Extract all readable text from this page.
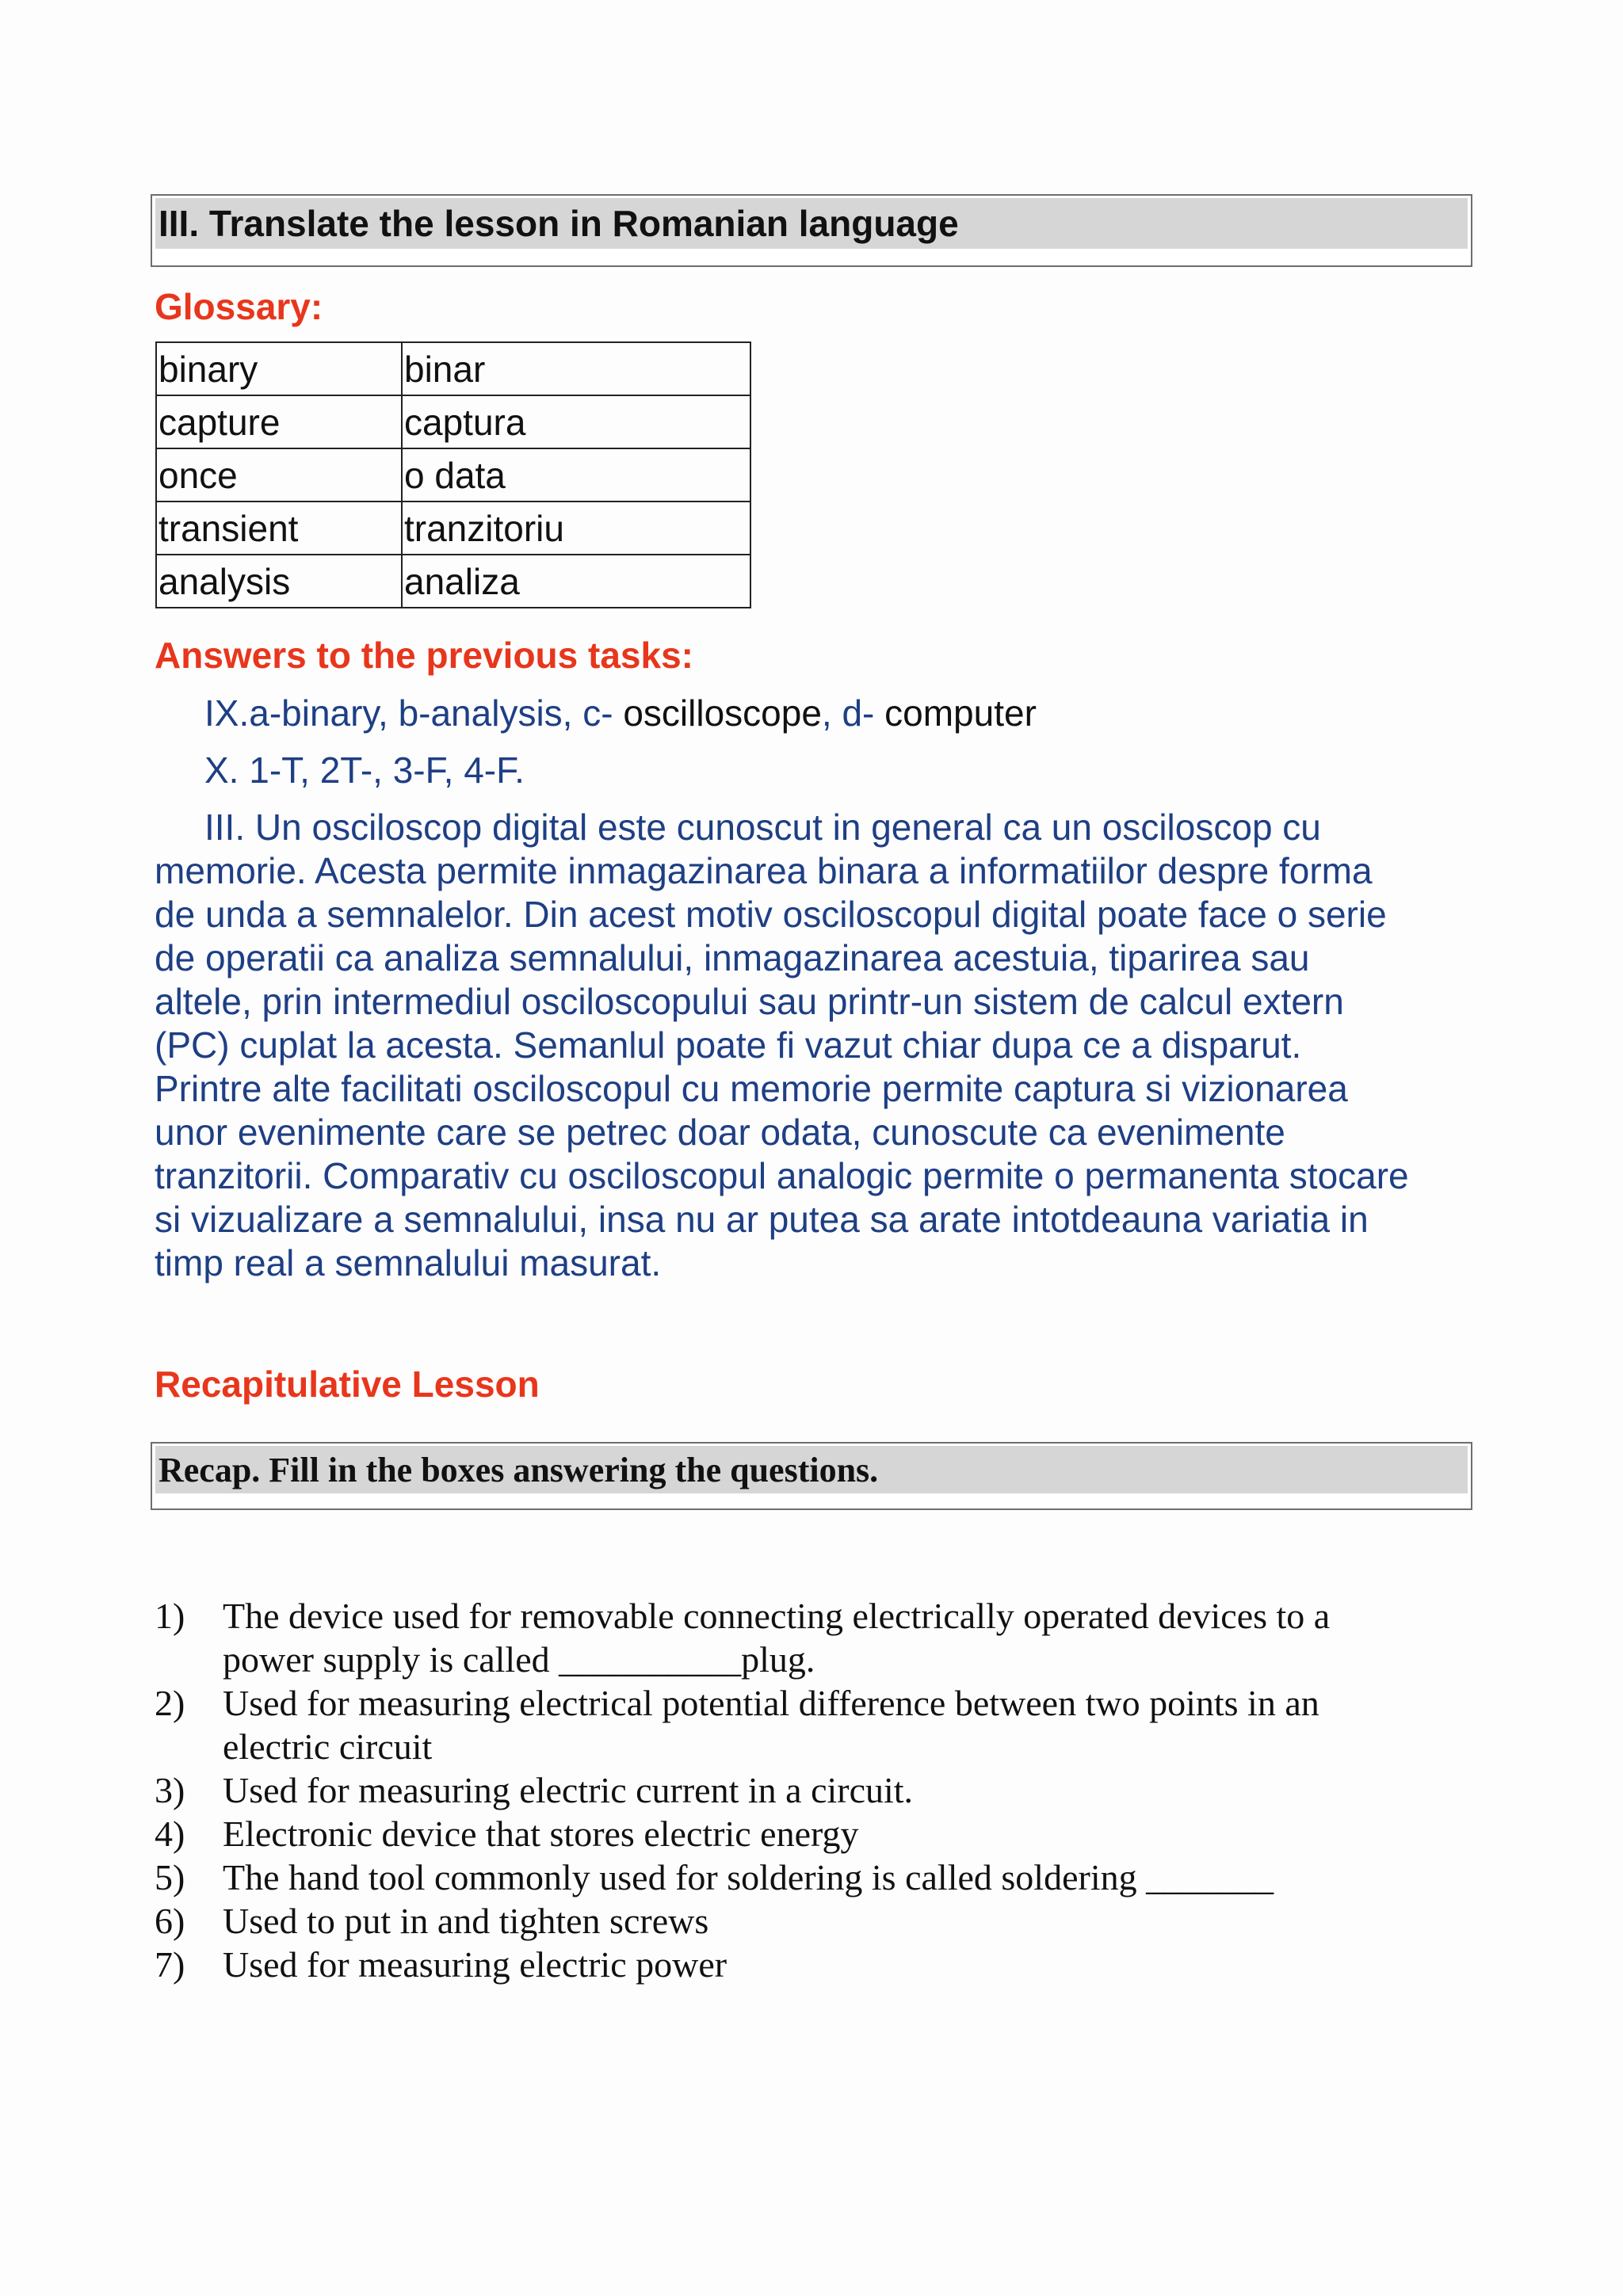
III. Translate the lesson in Romanian language
Glossary:
binary	binar
capture	captura
once	o data
transient	tranzitoriu
analysis	analiza
Answers to the previous tasks:

IX.a-binary, b-analysis, c- oscilloscope, d- computer

X. 1-T, 2T-, 3-F, 4-F.

III. Un osciloscop digital este cunoscut in general ca un osciloscop cu
memorie. Acesta permite inmagazinarea binara a informatiilor despre forma
de unda a semnalelor. Din acest motiv osciloscopul digital poate face o serie
de operatii ca analiza semnalului, inmagazinarea acestuia, tiparirea sau
altele, prin intermediul osciloscopului sau printr-un sistem de calcul extern
(PC) cuplat la acesta. Semanlul poate fi vazut chiar dupa ce a disparut.
Printre alte facilitati osciloscopul cu memorie permite captura si vizionarea
unor evenimente care se petrec doar odata, cunoscute ca evenimente
tranzitorii. Comparativ cu osciloscopul analogic permite o permanenta stocare
si vizualizare a semnalului, insa nu ar putea sa arate intotdeauna variatia in
timp real a semnalului masurat.

Recapitulative Lesson
Recap. Fill in the boxes answering the questions.
1)	The device used for removable connecting electrically operated devices to a
power supply is called __________plug.
2)	Used for measuring electrical potential difference between two points in an
electric circuit
3)	Used for measuring electric current in a circuit.
4)	Electronic device that stores electric energy
5)	The hand tool commonly used for soldering is called soldering _______
6)	Used to put in and tighten screws
7)	Used for measuring electric power
